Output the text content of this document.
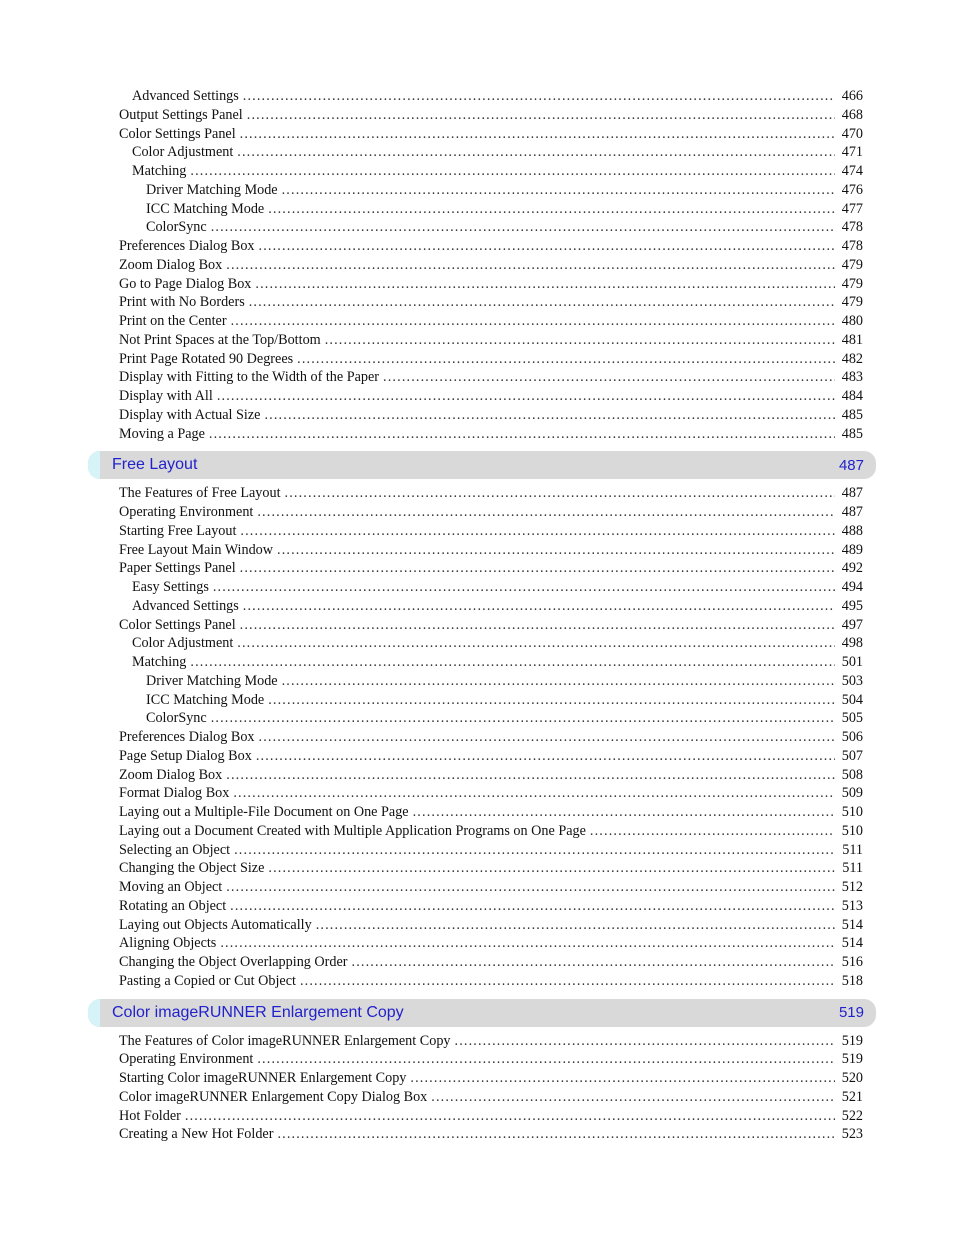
Advanced Settings . . .	466
Output Settings Panel . . .	468
Color Settings Panel . . .	470
Color Adjustment . . .	471
Matching . . .	474
Driver Matching Mode . . .	476
ICC Matching Mode . . .	477
ColorSync . . .	478
Preferences Dialog Box . . .	478
Zoom Dialog Box . . .	479
Go to Page Dialog Box . . .	479
Print with No Borders . . .	479
Print on the Center . . .	480
Not Print Spaces at the Top/Bottom . . .	481
Print Page Rotated 90 Degrees . . .	482
Display with Fitting to the Width of the Paper . . .	483
Display with All . . .	484
Display with Actual Size . . .	485
Moving a Page . . .	485
Free Layout	487
The Features of Free Layout . . .	487
Operating Environment . . .	487
Starting Free Layout . . .	488
Free Layout Main Window . . .	489
Paper Settings Panel . . .	492
Easy Settings . . .	494
Advanced Settings . . .	495
Color Settings Panel . . .	497
Color Adjustment . . .	498
Matching . . .	501
Driver Matching Mode . . .	503
ICC Matching Mode . . .	504
ColorSync . . .	505
Preferences Dialog Box . . .	506
Page Setup Dialog Box . . .	507
Zoom Dialog Box . . .	508
Format Dialog Box . . .	509
Laying out a Multiple-File Document on One Page . . .	510
Laying out a Document Created with Multiple Application Programs on One Page . . .	510
Selecting an Object . . .	511
Changing the Object Size . . .	511
Moving an Object . . .	512
Rotating an Object . . .	513
Laying out Objects Automatically . . .	514
Aligning Objects . . .	514
Changing the Object Overlapping Order . . .	516
Pasting a Copied or Cut Object . . .	518
Color imageRUNNER Enlargement Copy	519
The Features of Color imageRUNNER Enlargement Copy . . .	519
Operating Environment . . .	519
Starting Color imageRUNNER Enlargement Copy . . .	520
Color imageRUNNER Enlargement Copy Dialog Box . . .	521
Hot Folder . . .	522
Creating a New Hot Folder . . .	523
